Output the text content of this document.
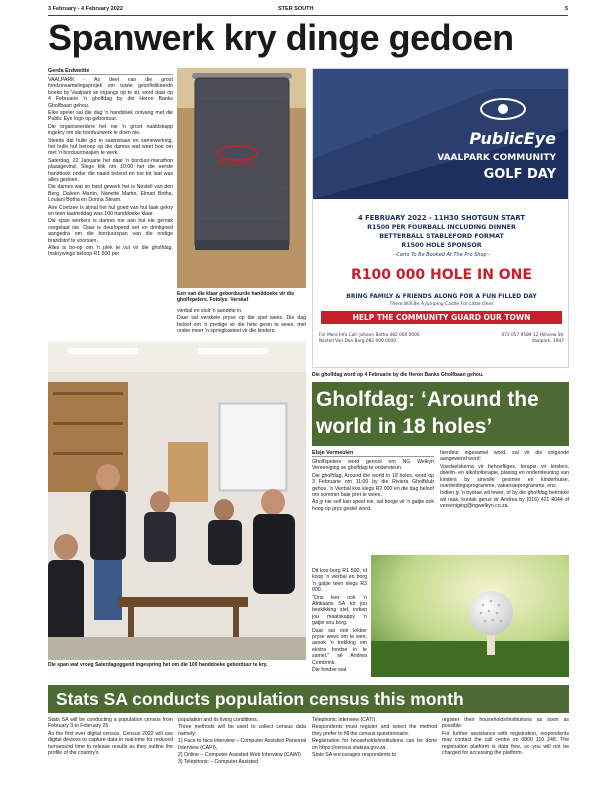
3 February - 4 February 2022	STER SOUTH	5
Spanwerk kry dinge gedoen
Gerda Erdwettle

VAALPARK - As deel van die groot fondsinsamelingsprojek om tuiste gesofistikeerde boeke by Vaalpark se ingangs op te sit, word daar op 4 Februarie 'n gholfdag by die Heron Banks Gholfbaan gehou.

Elke speler sal die dag 'n handdoek ontvang met die Public Eye logo op geborduur.

Die organiseerders het nie 'n groot naaldskapp ingekry om die borduurwerk te doen nie.

Steeds dat hulle glo in saamstaan en samewerking, het hulle hul beroep op die dames wat weet hoe om met 'n borduurmasjien te werk.

Saterdag, 22 Januarie het daar 'n borduur-marathon plaasgevind. Slegs klik om 10:00 het die eerste handdoek onder die naald belend en toe tot laat was alles gedoen.

Die dames wat so hard gewerk het is Nestell van den Berg, Daleen Martin, Nanette Martin, Elmari Botha, Loulani Botha en Donna Steam.

Arie Coetzee is almal het hul goed van hul taak gekry en teen laatmiddag was 100 handdoeke klaar.

Die span werkers is dames nie aan hul eie gemak oorgelaat nie. Daar is deurlopend eet en drinkgoed aangedra om die borduurspan van die nodige brandstof te voorsien.

Alles is bo-op om 'n plek te vul vir die gholfdag. Inskrywings beloop R1 500 per

PublicEye
Een van die klaar geborduurde handdoeke vir die gholfspelers. Fotolys: Verskaf

vierbal en sluit 'n aandete in.

Daar sal verskeie pryse op die spel wees. Die dag beloof om 'n prettige vir die hele gesin te wees, met onder meer 'n springkasteel vir die kinders.

PublicEye
VAALPARK COMMUNITY
GOLF DAY
4 FEBRUARY 2022 - 11H30 SHOTGUN START
R1500 PER FOURBALL INCLUDING DINNER
BETTERBALL STABLEFORD FORMAT
R1500 HOLE SPONSOR
- Carts To Be Booked At The Pro Shop -
R100 000 HOLE IN ONE
BRING FAMILY & FRIENDS ALONG FOR A FUN FILLED DAY
There Will Be A Jumping Castle For Little Ones
HELP THE COMMUNITY GUARD OUR TOWN
For More Info Call: Johann Botha 082 000 0000 Nestell Van Den Berg 082 000 0000
073 057 9589 12 Hillview Str Vaalpark, 1947
Die gholfdag word op 4 Februarie by die Heron Banks Gholfbaan gehou.
Die span wat vroeg Saterdagoggend ingespring het om die 100 handdoeke geborduur te kry.
Gholfdag: ‘Around the world in 18 holes’
Elsje Vermeulen

Gholfspelers word genooi om NG Welkyn Vereeniging se gholfdag te ondersteun.

Die gholfdag, Around the world in 18 holes, word op 3 Februarie om 11:00 by die Riviera Gholfklub gehou. 'n Vierbal kos slegs R2 000 en die dag beloof om sommer baie pret te wees.

As jy nie self kan speel nie, sal borge vir 'n gatjie ook hoog op prys gestel word.

Dit kos borg R1 500, of koop 'n vierbal en borg 'n gatjie teen slegs R3 000.

"Ons leer ook 'n Afrikaans SA tot jou beskikking stel, indien jou maatskappy 'n gatjie sou borg.

Daar sal ook lekker pryse wees om te wen, asook 'n trekking om ekstra fondse in te samel," sê Andrea Combrink.

Die fondse wat

hierdeur ingesamel word, sal vir die volgende aangewend word:

Voedselskema vir behoeftiges, terapie vir kinders, dwelm- en alkoholterapie, plasing en ondersteuning van kinders by sinvolle gesinne en kinderhuise, ouerleidingsprogramme, vakansieprogramme, ens.

Indien jy 'n bydrae wil lewer, of by die gholfdag betrokke wil raak, kontak gerus vir Andrea by (016) 421 4044 of vereeniging@ngwelkyn.co.za.

Stats SA conducts population census this month

Stats SA will be conducting a population census from February 3 to February 25.

As the first ever digital census, Census 2022 will use digital devices to capture data in real-time for reduced turnaround time to release results as they outline the profile of the country's

population and its living conditions.

Three methods will be used to collect census data namely:

1) Face to face interview – Computer Assisted Personal Interview (CAPI),

2) Online – Computer Assisted Web Interview (CAWI)

3) Telephonic – Computer Assisted

Telephonic Interview (CATI).

Respondents must register and select the method they prefer to fill the census questionnaire.

Registration for households/institutions can be done on https://census.statssa.gov.za.

Stats SA encourages respondents to

register their households/institutions as soon as possible.

For further assistance with registration, respondents may contact the call centre on 0800 110 248. The registration platform is data free, so you will not be charged for accessing the platform.
